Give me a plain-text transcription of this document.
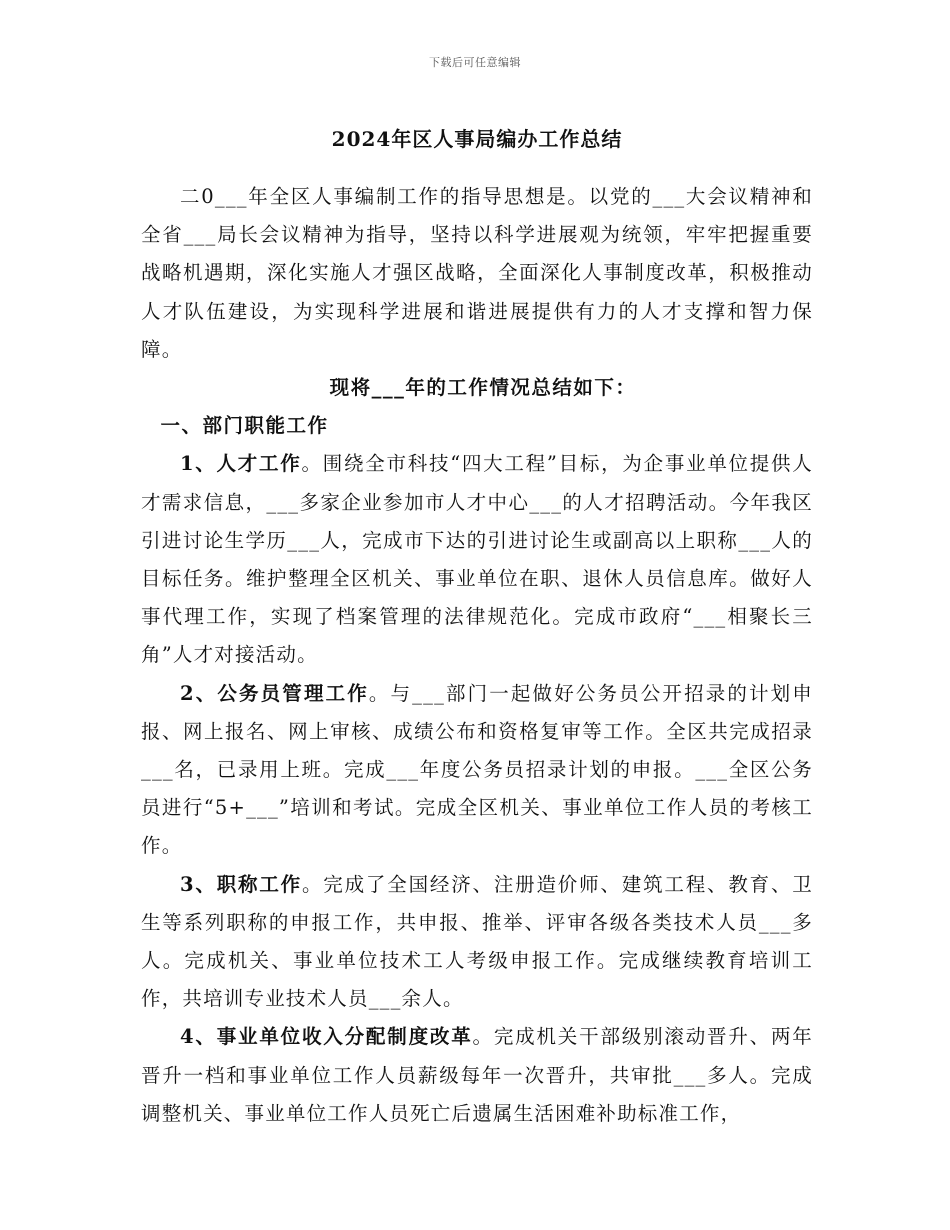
下载后可任意编辑
2024年区人事局编办工作总结

二0___年全区人事编制工作的指导思想是。以党的___大会议精神和全省___局长会议精神为指导，坚持以科学进展观为统领，牢牢把握重要战略机遇期，深化实施人才强区战略，全面深化人事制度改革，积极推动人才队伍建设，为实现科学进展和谐进展提供有力的人才支撑和智力保障。

现将___年的工作情况总结如下：

一、部门职能工作

1、人才工作。围绕全市科技“四大工程”目标，为企事业单位提供人才需求信息，___多家企业参加市人才中心___的人才招聘活动。今年我区引进讨论生学历___人，完成市下达的引进讨论生或副高以上职称___人的目标任务。维护整理全区机关、事业单位在职、退休人员信息库。做好人事代理工作，实现了档案管理的法律规范化。完成市政府“___相聚长三角”人才对接活动。

2、公务员管理工作。与___部门一起做好公务员公开招录的计划申报、网上报名、网上审核、成绩公布和资格复审等工作。全区共完成招录___名，已录用上班。完成___年度公务员招录计划的申报。___全区公务员进行“5+___”培训和考试。完成全区机关、事业单位工作人员的考核工作。

3、职称工作。完成了全国经济、注册造价师、建筑工程、教育、卫生等系列职称的申报工作，共申报、推举、评审各级各类技术人员___多人。完成机关、事业单位技术工人考级申报工作。完成继续教育培训工作，共培训专业技术人员___余人。

4、事业单位收入分配制度改革。完成机关干部级别滚动晋升、两年晋升一档和事业单位工作人员薪级每年一次晋升，共审批___多人。完成调整机关、事业单位工作人员死亡后遗属生活困难补助标准工作，
